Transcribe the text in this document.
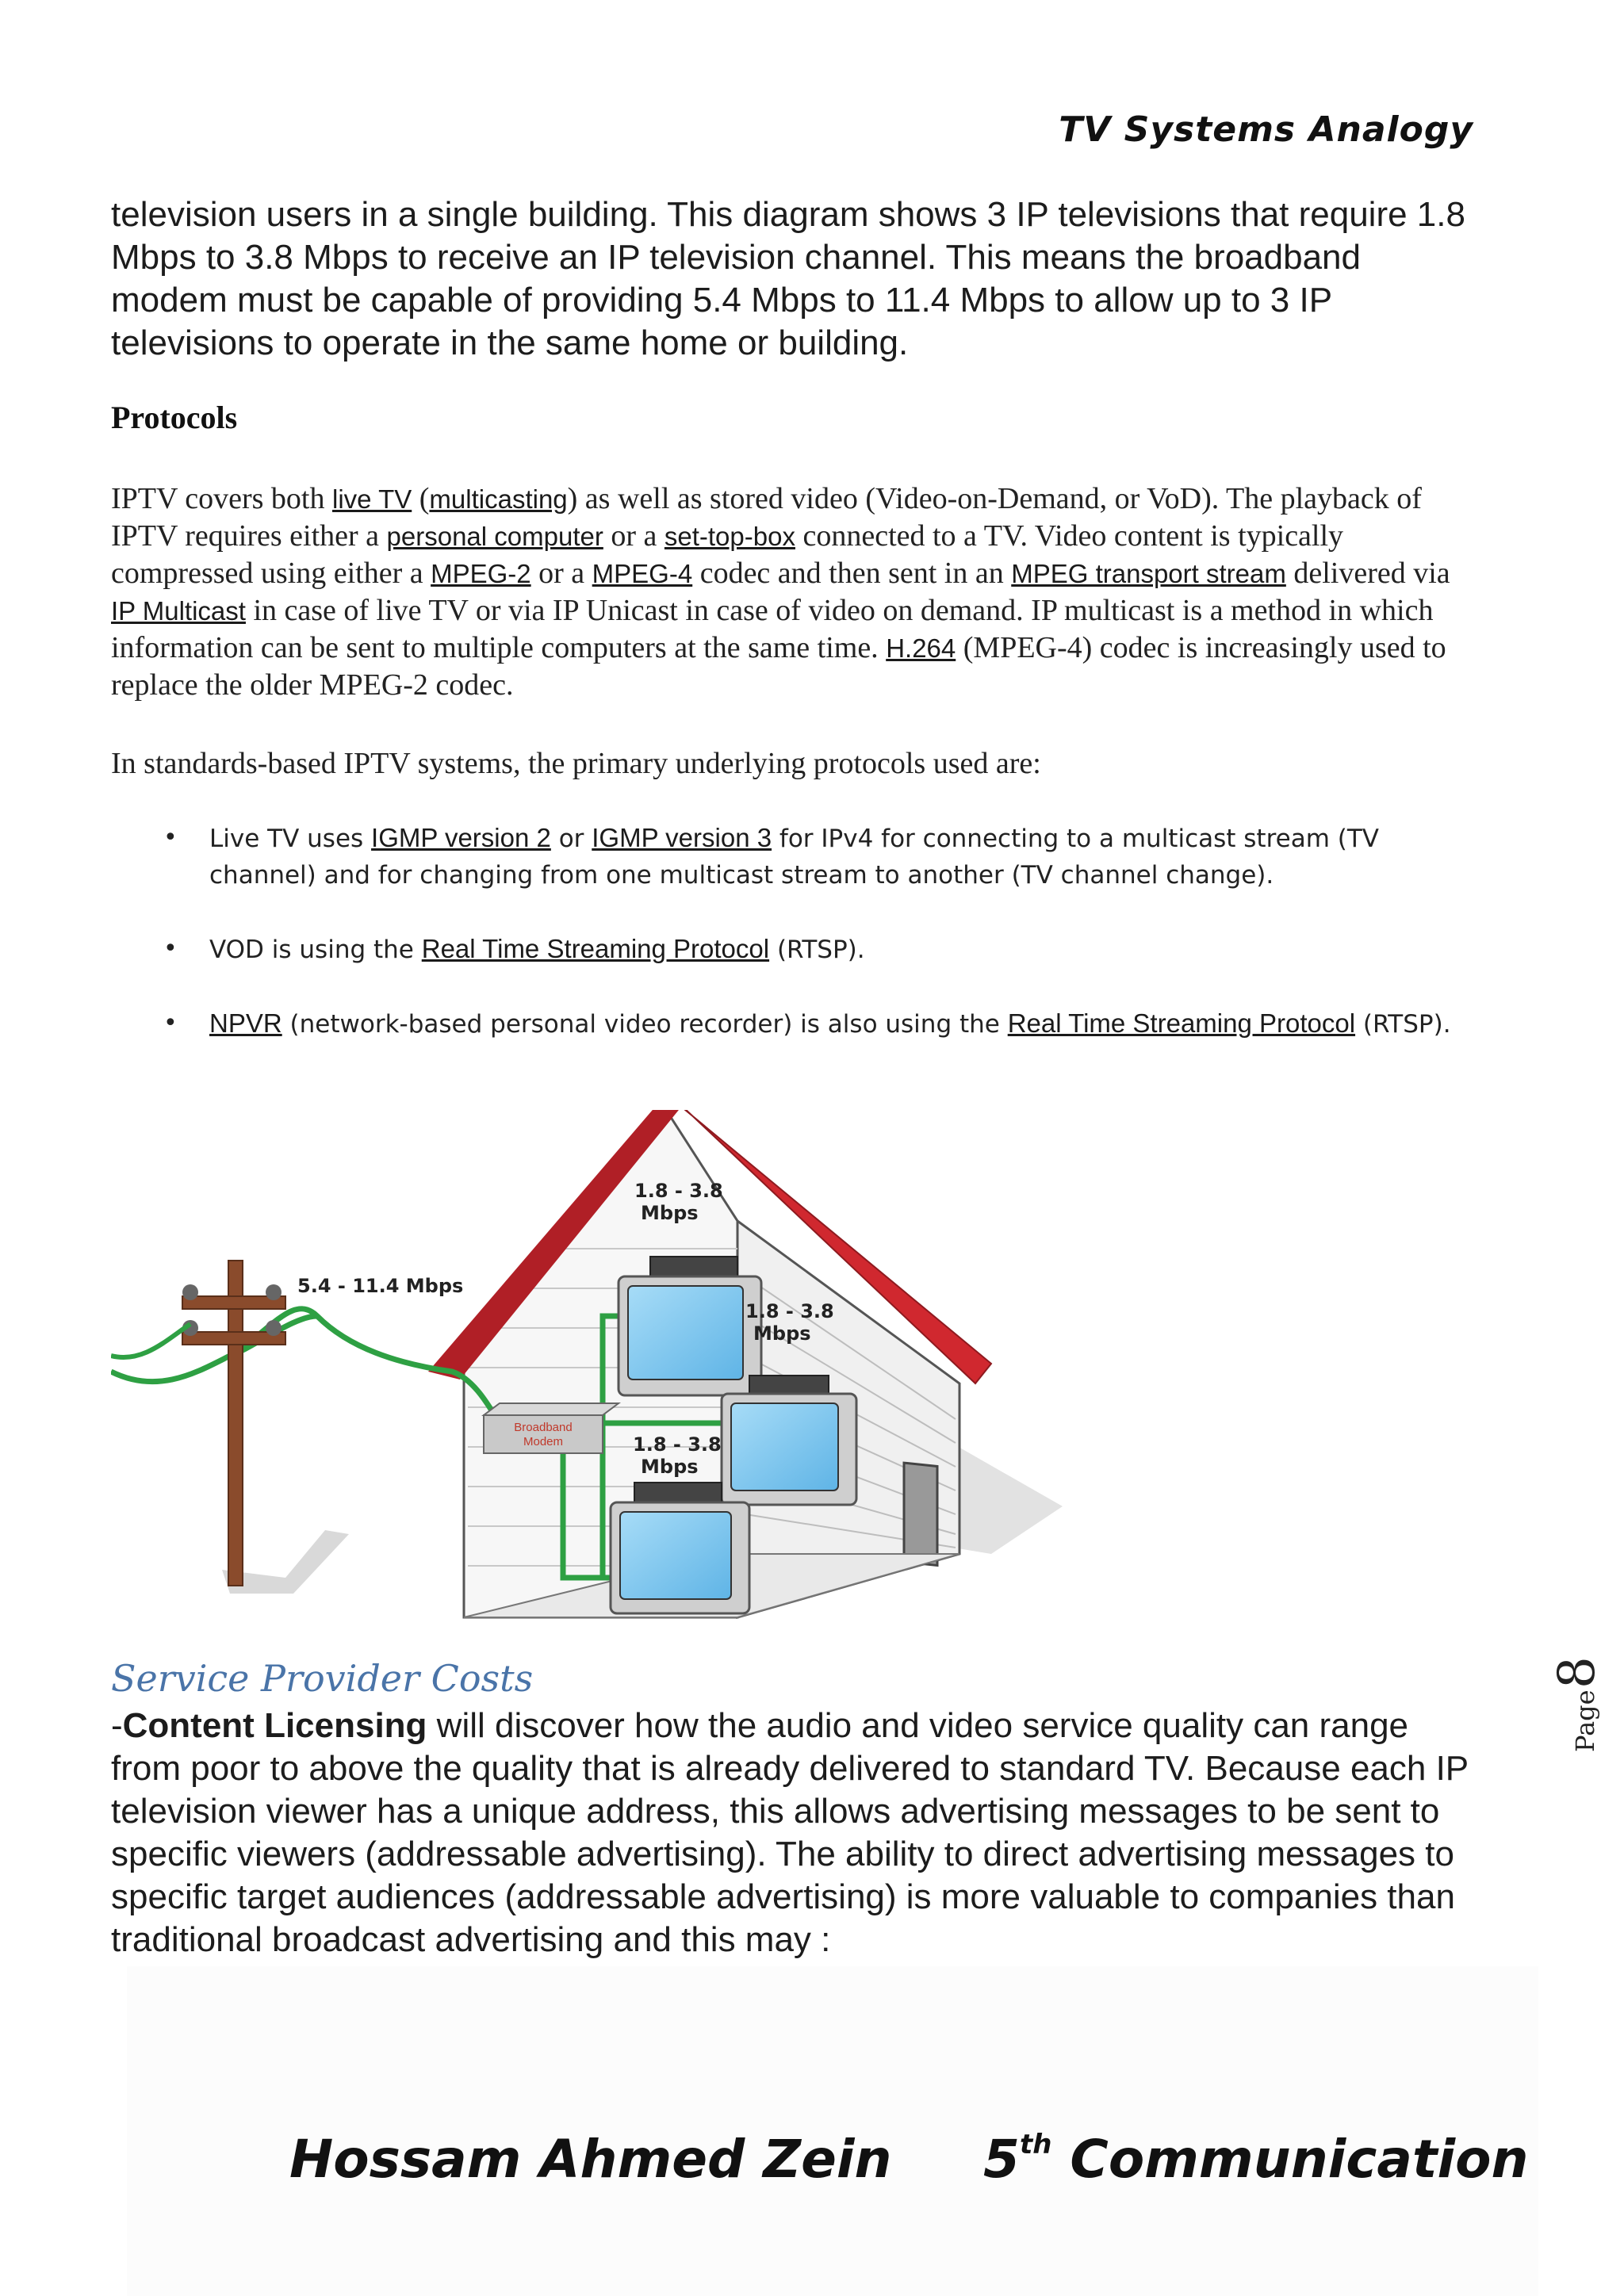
TV Systems Analogy
television users in a single building. This diagram shows 3 IP televisions that require 1.8 Mbps to 3.8 Mbps to receive an IP television channel. This means the broadband modem must be capable of providing 5.4 Mbps to 11.4 Mbps to allow up to 3 IP televisions to operate in the same home or building.
Protocols
IPTV covers both live TV (multicasting) as well as stored video (Video-on-Demand, or VoD). The playback of IPTV requires either a personal computer or a set-top-box connected to a TV. Video content is typically compressed using either a MPEG-2 or a MPEG-4 codec and then sent in an MPEG transport stream delivered via IP Multicast in case of live TV or via IP Unicast in case of video on demand. IP multicast is a method in which information can be sent to multiple computers at the same time. H.264 (MPEG-4) codec is increasingly used to replace the older MPEG-2 codec.
In standards-based IPTV systems, the primary underlying protocols used are:
• Live TV uses IGMP version 2 or IGMP version 3 for IPv4 for connecting to a multicast stream (TV channel) and for changing from one multicast stream to another (TV channel change).
• VOD is using the Real Time Streaming Protocol (RTSP).
• NPVR (network-based personal video recorder) is also using the Real Time Streaming Protocol (RTSP).
Broadband
Modem
5.4 - 11.4 Mbps
1.8 - 3.8
Mbps
1.8 - 3.8
Mbps
1.8 - 3.8
Mbps
Service Provider Costs
-Content Licensing will discover how the audio and video service quality can range from poor to above the quality that is already delivered to standard TV. Because each IP television viewer has a unique address, this allows advertising messages to be sent to specific viewers (addressable advertising). The ability to direct advertising messages to specific target audiences (addressable advertising) is more valuable to companies than traditional broadcast advertising and this may :
Page
8
Hossam Ahmed Zein 5th Communication
